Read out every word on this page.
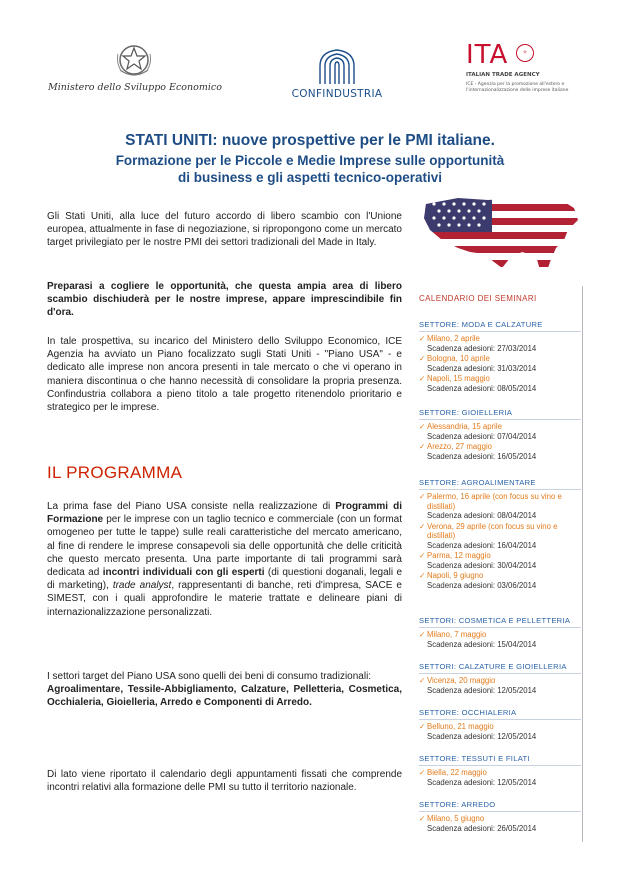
Ministero dello Sviluppo Economico
CONFINDUSTRIA
ITA	✧
ITALIAN TRADE AGENCY
ICE - Agenzia per la promozione all'estero e l'internazionalizzazione delle imprese italiane
STATI UNITI: nuove prospettive per le PMI italiane.
Formazione per le Piccole e Medie Imprese sulle opportunità
di business e gli aspetti tecnico-operativi

Gli Stati Uniti, alla luce del futuro accordo di libero scambio con l'Unione europea, attualmente in fase di negoziazione, si ripropongono come un mercato target privilegiato per le nostre PMI dei settori tradizionali del Made in Italy.

Preparasi a cogliere le opportunità, che questa ampia area di libero scambio dischiuderà per le nostre imprese, appare imprescindibile fin d'ora.

In tale prospettiva, su incarico del Ministero dello Sviluppo Economico, ICE Agenzia ha avviato un Piano focalizzato sugli Stati Uniti - "Piano USA" - e dedicato alle imprese non ancora presenti in tale mercato o che vi operano in maniera discontinua o che hanno necessità di consolidare la propria presenza. Confindustria collabora a pieno titolo a tale progetto ritenendolo prioritario e strategico per le imprese.

La prima fase del Piano USA consiste nella realizzazione di Programmi di Formazione per le imprese con un taglio tecnico e commerciale (con un format omogeneo per tutte le tappe) sulle reali caratteristiche del mercato americano, al fine di rendere le imprese consapevoli sia delle opportunità che delle criticità che questo mercato presenta. Una parte importante di tali programmi sarà dedicata ad incontri individuali con gli esperti (di questioni doganali, legali e di marketing), trade analyst, rappresentanti di banche, reti d'impresa, SACE e SIMEST, con i quali approfondire le materie trattate e delineare piani di internazionalizzazione personalizzati.

I settori target del Piano USA sono quelli dei beni di consumo tradizionali:
Agroalimentare, Tessile-Abbigliamento, Calzature, Pelletteria, Cosmetica, Occhialeria, Gioielleria, Arredo e Componenti di Arredo.

Di lato viene riportato il calendario degli appuntamenti fissati che comprende incontri relativi alla formazione delle PMI su tutto il territorio nazionale.

IL PROGRAMMA
CALENDARIO DEI SEMINARI
SETTORE: MODA E CALZATURE
✓ Milano, 2 aprile
Scadenza adesioni: 27/03/2014
✓ Bologna, 10 aprile
Scadenza adesioni: 31/03/2014
✓ Napoli, 15 maggio
Scadenza adesioni: 08/05/2014
SETTORE: GIOIELLERIA
✓ Alessandria, 15 aprile
Scadenza adesioni: 07/04/2014
✓ Arezzo, 27 maggio
Scadenza adesioni: 16/05/2014
SETTORE: AGROALIMENTARE
✓ Palermo, 16 aprile (con focus su vino e distillati)
Scadenza adesioni: 08/04/2014
✓ Verona, 29 aprile (con focus su vino e distillati)
Scadenza adesioni: 16/04/2014
✓ Parma, 12 maggio
Scadenza adesioni: 30/04/2014
✓ Napoli, 9 giugno
Scadenza adesioni: 03/06/2014
SETTORI: COSMETICA E PELLETTERIA
✓ Milano, 7 maggio
Scadenza adesioni: 15/04/2014
SETTORI: CALZATURE E GIOIELLERIA
✓ Vicenza, 20 maggio
Scadenza adesioni: 12/05/2014
SETTORE: OCCHIALERIA
✓ Belluno, 21 maggio
Scadenza adesioni: 12/05/2014
SETTORE: TESSUTI E FILATI
✓ Biella, 22 maggio
Scadenza adesioni: 12/05/2014
SETTORE: ARREDO
✓ Milano, 5 giugno
Scadenza adesioni: 26/05/2014
